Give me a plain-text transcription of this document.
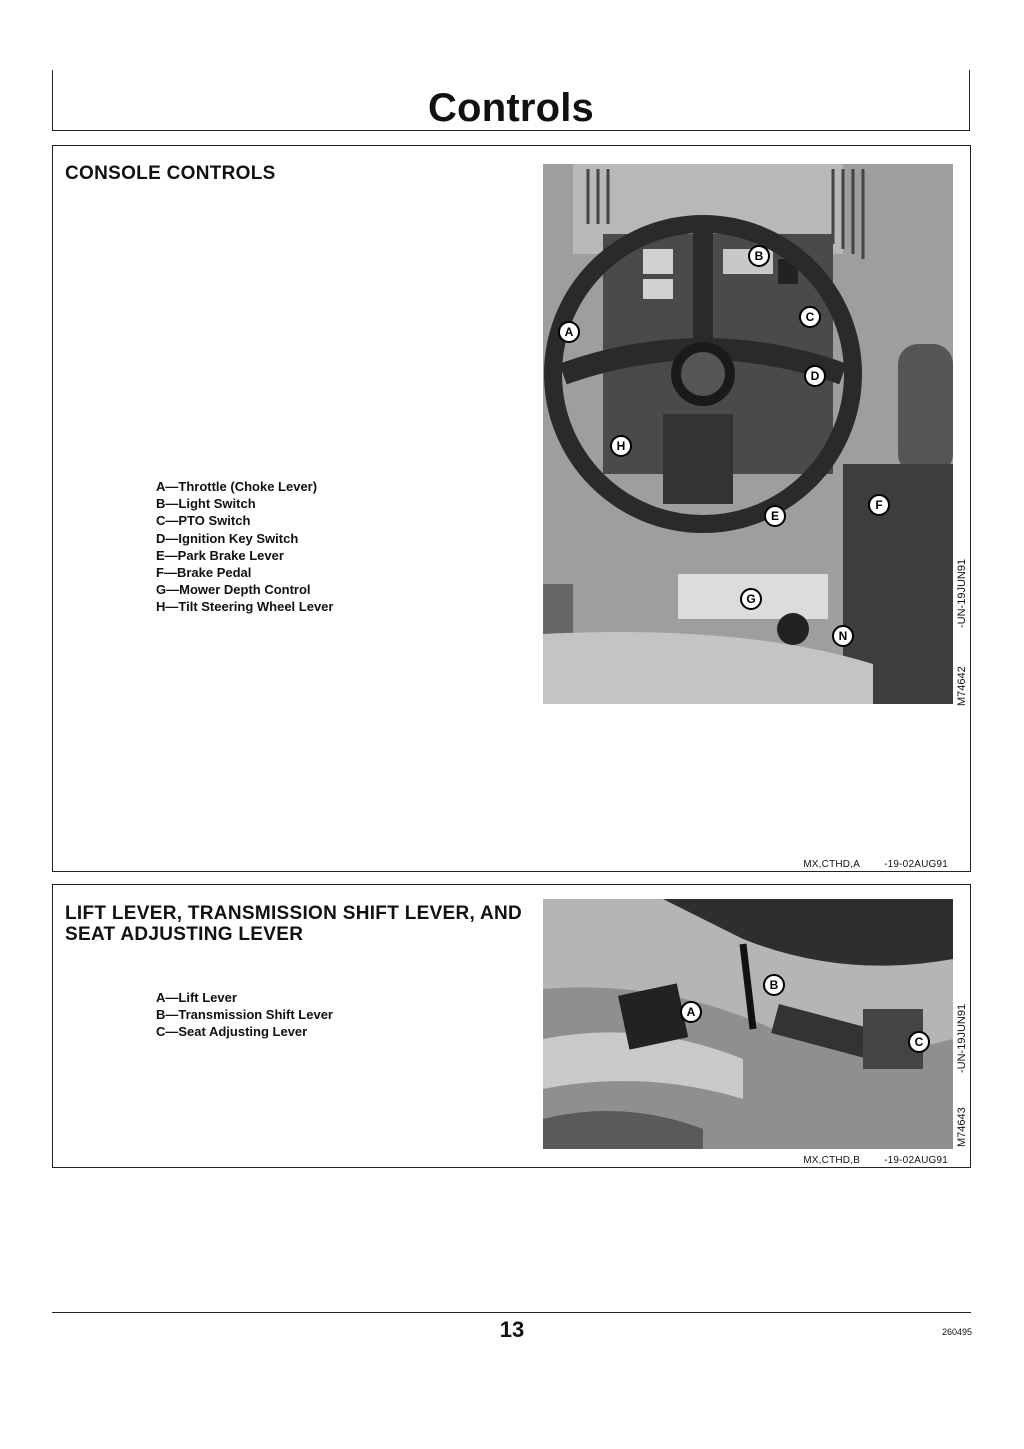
Controls
CONSOLE CONTROLS
A—Throttle (Choke Lever)
B—Light Switch
C—PTO Switch
D—Ignition Key Switch
E—Park Brake Lever
F—Brake Pedal
G—Mower Depth Control
H—Tilt Steering Wheel Lever
A
B
C
D
E
F
G
H
N
-UN-19JUN91
M74642
MX,CTHD,A -19-02AUG91
LIFT LEVER, TRANSMISSION SHIFT LEVER, AND SEAT ADJUSTING LEVER
A—Lift Lever
B—Transmission Shift Lever
C—Seat Adjusting Lever
A
B
C	-UN-19JUN91
M74643
MX,CTHD,B -19-02AUG91
13	260495
